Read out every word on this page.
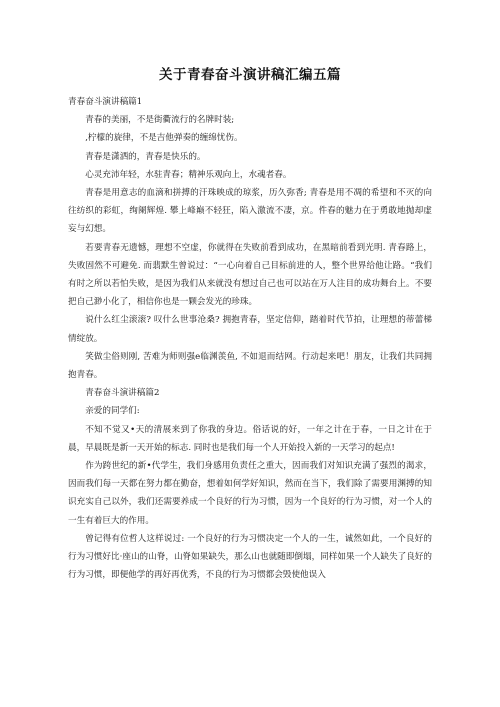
关于青春奋斗演讲稿汇编五篇

青春奋斗演讲稿篇1

青春的美丽，不是街衢流行的名牌时装;

,柠檬的旋律，不是吉他弹奏的缠绵忧伤。

青春是潇洒的，青春是快乐的。

心灵充沛年轻，水驻青春；精神乐观向上，水魂者春。

青春是用意志的血滴和拼搏的汗珠映成的琼浆，历久弥香; 青春是用不凋的希望和不灭的向往纺织的彩虹，绚阑辉煌. 攀上峰巅不轻狂，陷入激流不凄，京。件春的魅力在于勇敢地抛却虚妄与幻想。

若要青春无遗憾，理想不空虚，你就得在失败前看到成功，在黑暗前看到光明. 青春路上，失败固然不可避免. 而翡默生曾说过：“一心向着自己目标前进的人，整个世界给他让路。“我们有时之所以若怕失败，是因为我们从来就没有想过自己也可以站在万人注目的成功舞台上。不要把自己渺小化了，相信你也是一颗会发光的珍珠。

说什么红尘滚滚? 叹什么世事沧桑? 拥抱青春，坚定信仰，踏着时代节拍，让理想的蒂蕾梯情绽放。

笑做尘俗则刚, 苦难为师则强e临渊羡鱼, 不如退而结网。行动起来吧！朋友，让我们共同拥抱青春。

青春奋斗演讲稿篇2

亲爱的同学们:

不知不觉又•天的清展来到了你我的身边。俗话说的好，一年之计在于春，一日之计在于晨，早晨既是新一天开始的标志. 同时也是我们每一个人开始投入新的一天学习的起点!

作为跨世纪的新•代学生，我们身感用负责任之重大，因而我们对知识充满了强烈的渴求，因而我们每一天都在努力都在勤奋，想着如何学好知识，然而在当下，我们除了需要用渊搏的知识充实自己以外，我们还需要养成一个良好的行为习惯，因为一个良好的行为习惯，对一个人的一生有着巨大的作用。

曾记得有位哲人这样说过: 一个良好的行为习惯决定一个人的一生，诚然如此，一个良好的行为习惯好比·座山的山脊，山脊如果缺失，那么山也就随即倒塌，同样如果一个人缺失了良好的行为习惯，即便他学的再好再优秀，不良的行为习惯都会毁使他误入
